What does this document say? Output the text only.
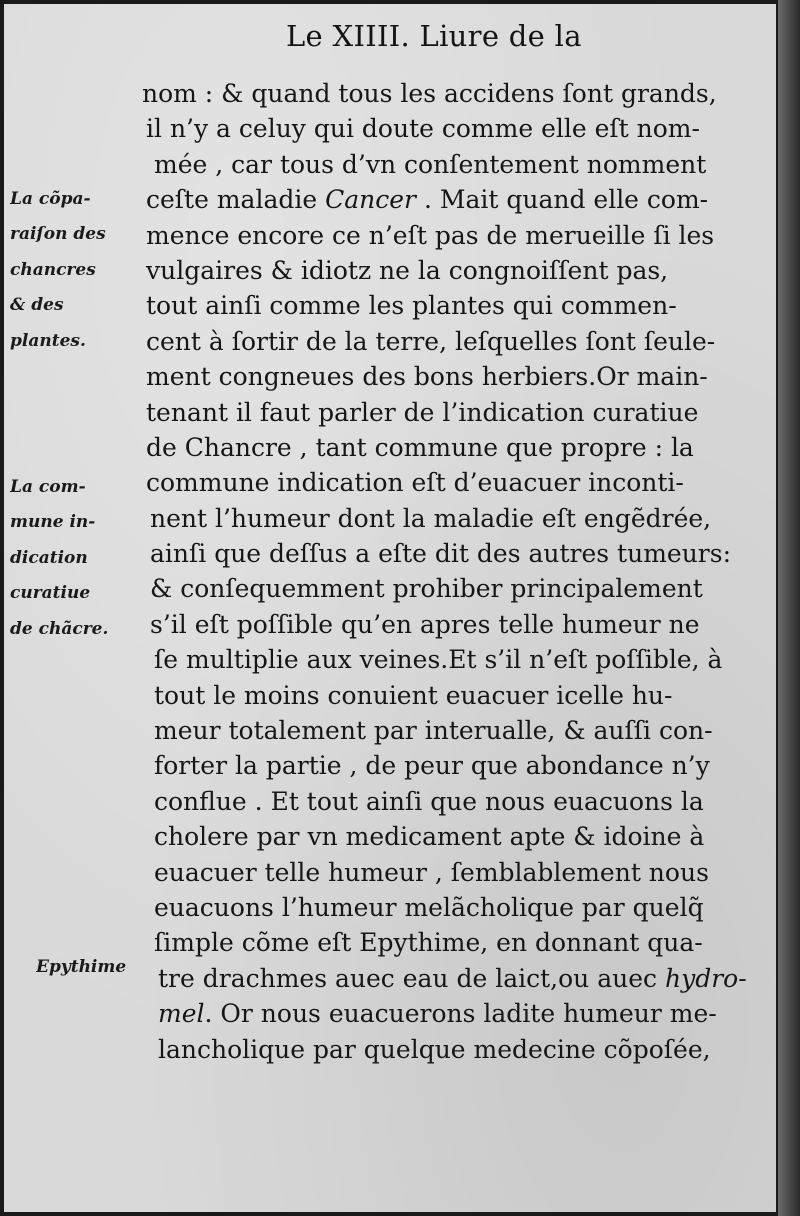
Le XIIII. Liure de la
nom : & quand tous les accidens ſont grands,
il n’y a celuy qui doute comme elle eſt nom-
mée , car tous d’vn conſentement nomment
ceſte maladie Cancer . Mait quand elle com-
mence encore ce n’eſt pas de merueille ſi les
vulgaires & idiotz ne la congnoiſſent pas,
tout ainſi comme les plantes qui commen-
cent à ſortir de la terre, leſquelles ſont ſeule-
ment congneues des bons herbiers.Or main-
tenant il faut parler de l’indication curatiue
de Chancre , tant commune que propre : la
commune indication eſt d’euacuer inconti-
nent l’humeur dont la maladie eſt engẽdrée,
ainſi que deſſus a eſte dit des autres tumeurs:
& conſequemment prohiber principalement
s’il eſt poſſible qu’en apres telle humeur ne
ſe multiplie aux veines.Et s’il n’eſt poſſible, à
tout le moins conuient euacuer icelle hu-
meur totalement par interualle, & auſſi con-
forter la partie , de peur que abondance n’y
conflue . Et tout ainſi que nous euacuons la
cholere par vn medicament apte & idoine à
euacuer telle humeur , ſemblablement nous
euacuons l’humeur melãcholique par quelq̃
ſimple cõme eſt Epythime, en donnant qua-
tre drachmes auec eau de laict,ou auec hydro-
mel. Or nous euacuerons ladite humeur me-
lancholique par quelque medecine cõpoſée,
La cõpa-
raiſon des
chancres
& des
plantes.
La com-
mune in-
dication
curatiue
de chãcre.
Epythime
